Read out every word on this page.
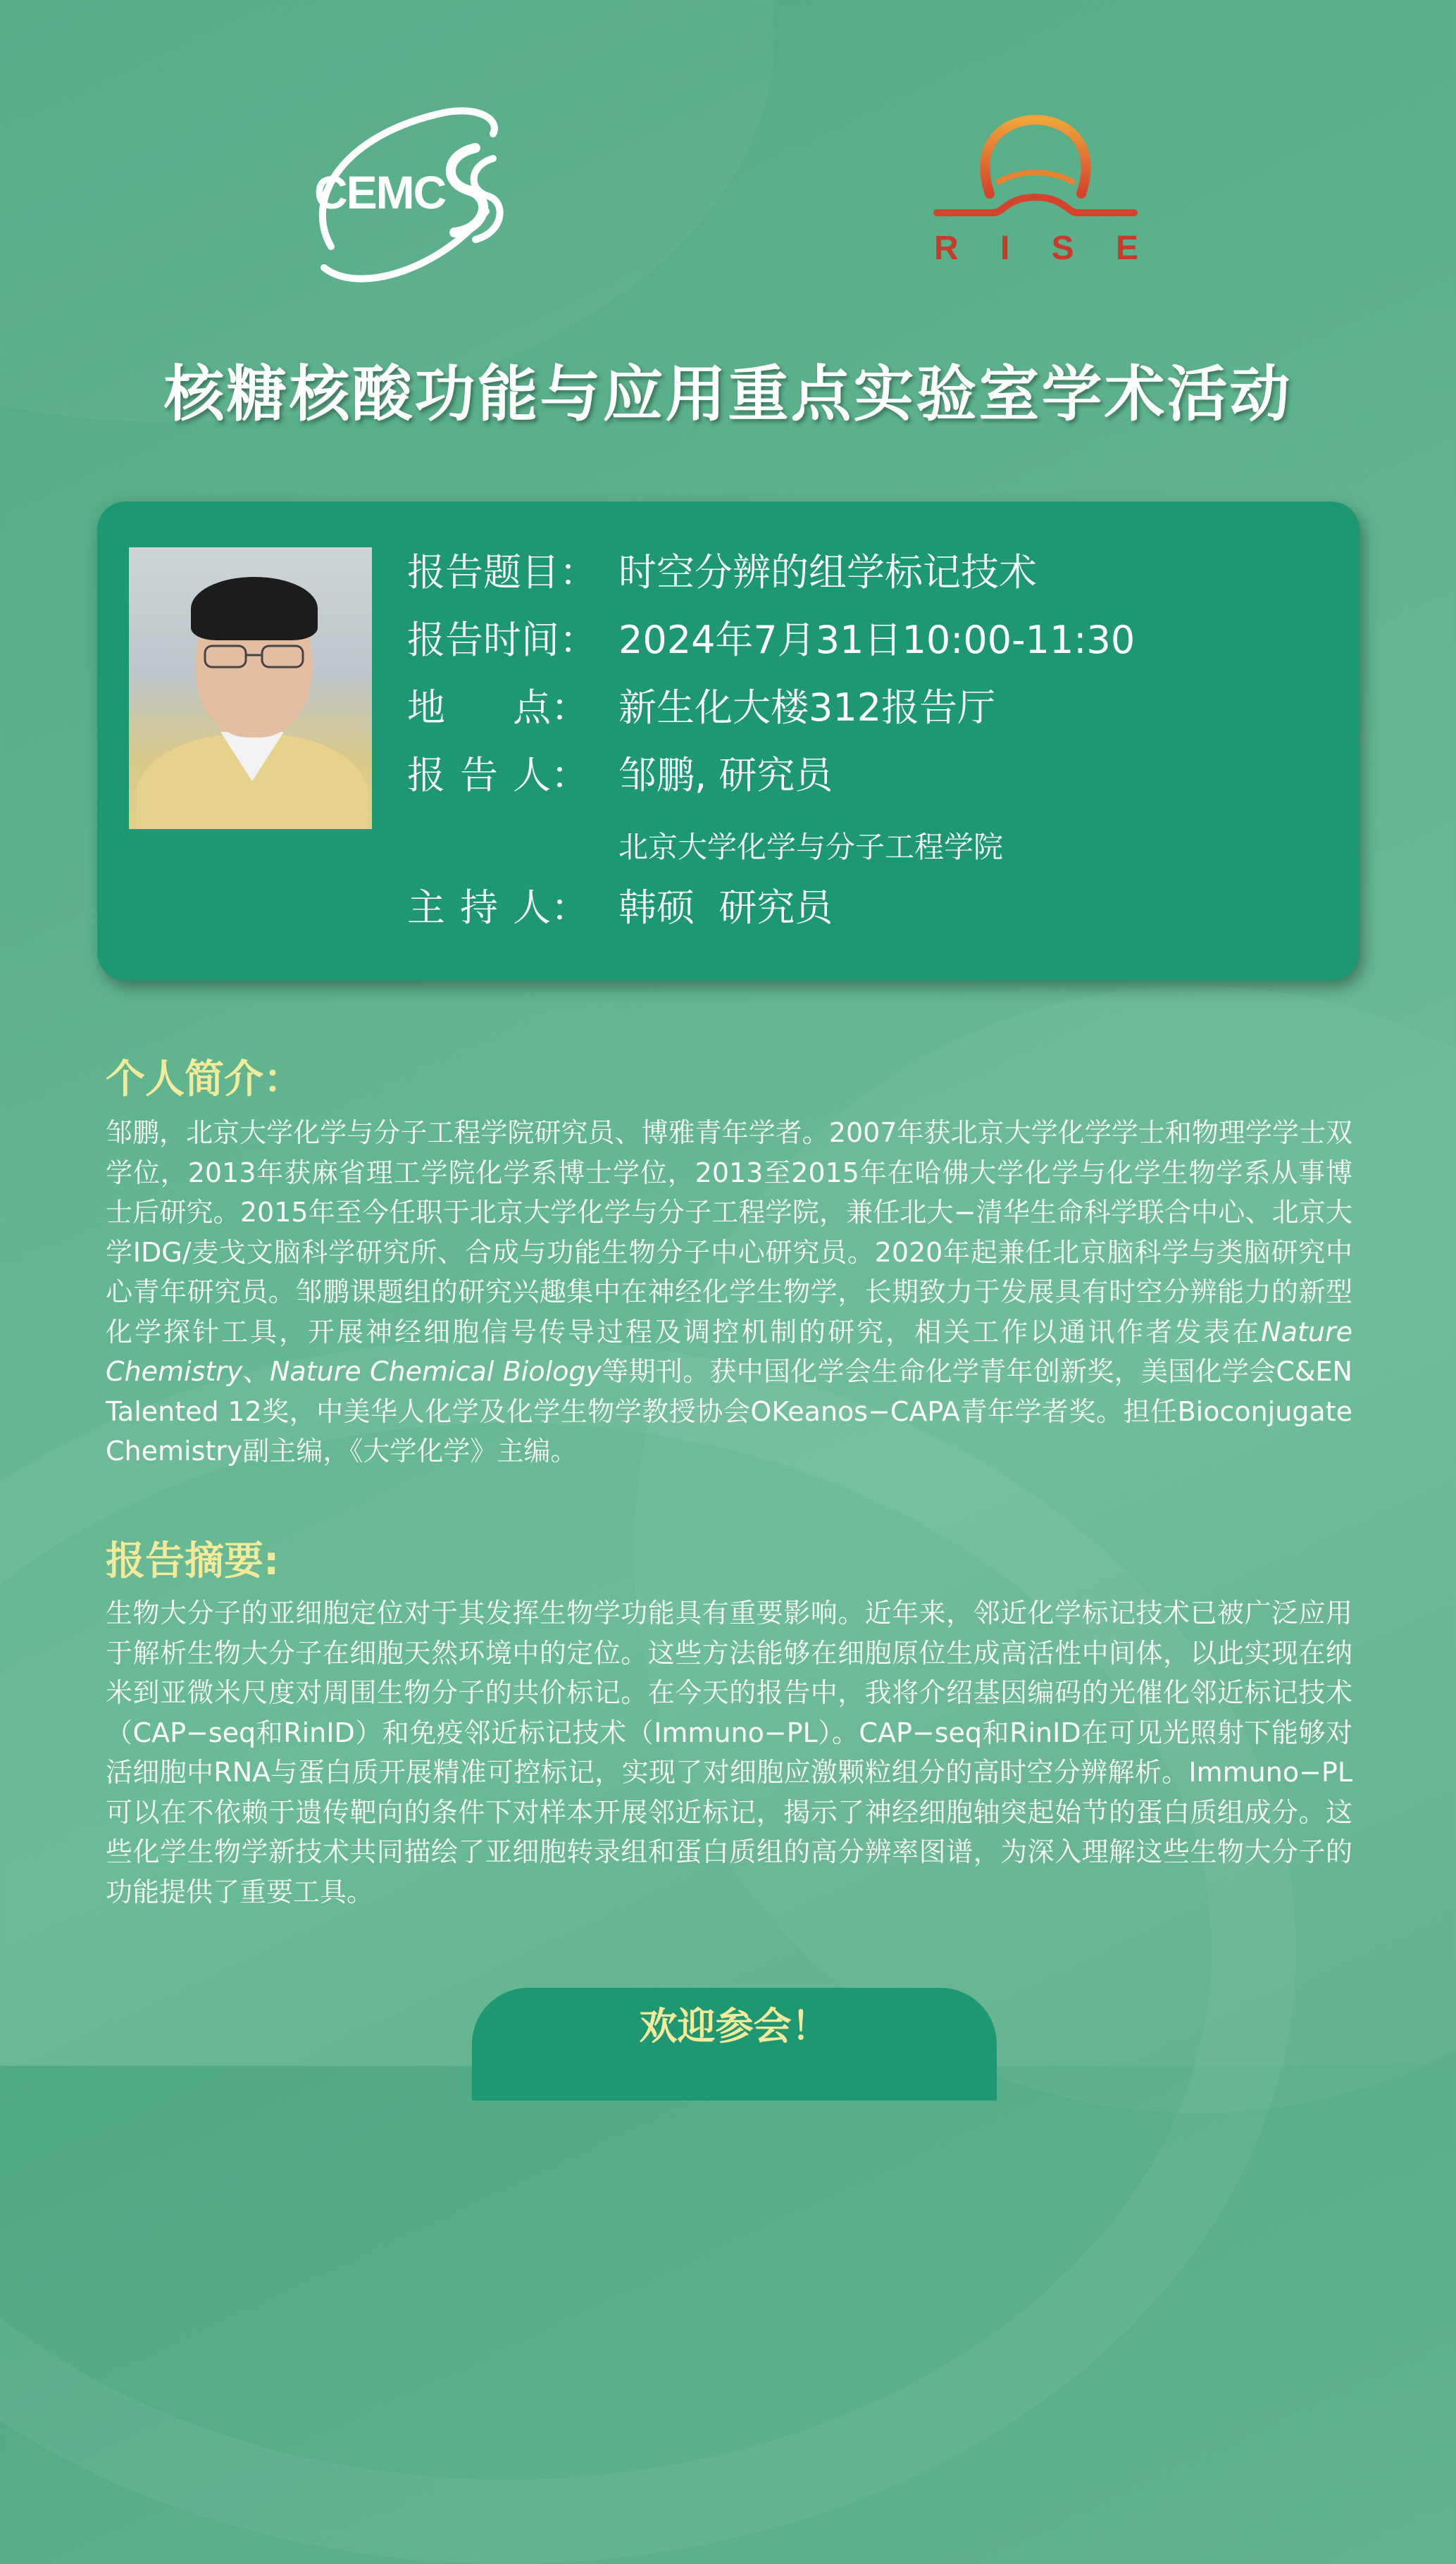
CEMC
R I S E
核糖核酸功能与应用重点实验室学术活动
报告题目： 时空分辨的组学标记技术
报告时间： 2024年7月31日10:00-11:30
地 点： 新生化大楼312报告厅
报 告 人： 邹鹏, 研究员
北京大学化学与分子工程学院
主 持 人： 韩硕  研究员
个人简介：
邹鹏，北京大学化学与分子工程学院研究员、博雅青年学者。2007年获北京大学化学学士和物理学学士双学位，2013年获麻省理工学院化学系博士学位，2013至2015年在哈佛大学化学与化学生物学系从事博士后研究。2015年至今任职于北京大学化学与分子工程学院，兼任北大−清华生命科学联合中心、北京大学IDG/麦戈文脑科学研究所、合成与功能生物分子中心研究员。2020年起兼任北京脑科学与类脑研究中心青年研究员。邹鹏课题组的研究兴趣集中在神经化学生物学，长期致力于发展具有时空分辨能力的新型化学探针工具，开展神经细胞信号传导过程及调控机制的研究，相关工作以通讯作者发表在Nature Chemistry、Nature Chemical Biology等期刊。获中国化学会生命化学青年创新奖，美国化学会C&EN Talented 12奖，中美华人化学及化学生物学教授协会OKeanos−CAPA青年学者奖。担任Bioconjugate Chemistry副主编，《大学化学》主编。
报告摘要:
生物大分子的亚细胞定位对于其发挥生物学功能具有重要影响。近年来，邻近化学标记技术已被广泛应用于解析生物大分子在细胞天然环境中的定位。这些方法能够在细胞原位生成高活性中间体，以此实现在纳米到亚微米尺度对周围生物分子的共价标记。在今天的报告中，我将介绍基因编码的光催化邻近标记技术（CAP−seq和RinID）和免疫邻近标记技术（Immuno−PL）。CAP−seq和RinID在可见光照射下能够对活细胞中RNA与蛋白质开展精准可控标记，实现了对细胞应激颗粒组分的高时空分辨解析。Immuno−PL可以在不依赖于遗传靶向的条件下对样本开展邻近标记，揭示了神经细胞轴突起始节的蛋白质组成分。这些化学生物学新技术共同描绘了亚细胞转录组和蛋白质组的高分辨率图谱，为深入理解这些生物大分子的功能提供了重要工具。
欢迎参会！
